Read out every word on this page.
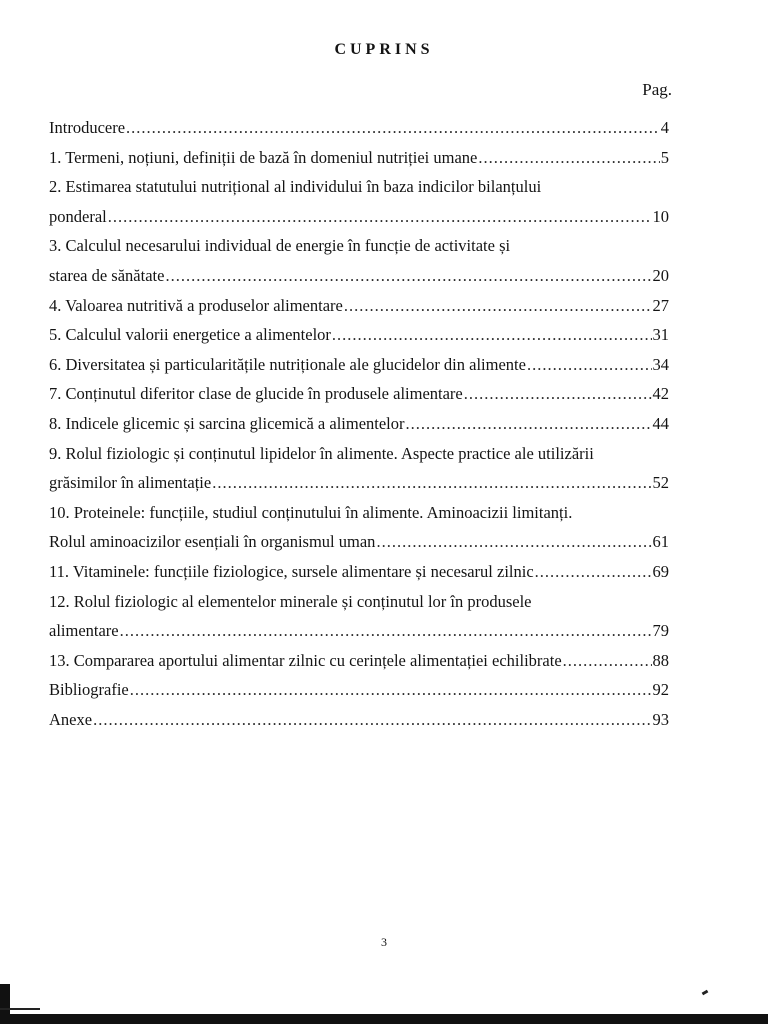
CUPRINS
Pag.
Introducere .....	4
1. Termeni, noțiuni, definiții de bază în domeniul nutriției umane .....	5
2. Estimarea statutului nutrițional al individului în baza indicilor bilanțului
ponderal .....	10
3. Calculul necesarului individual de energie în funcție de activitate și
starea de sănătate .....	20
4. Valoarea nutritivă a produselor alimentare .....	27
5. Calculul valorii energetice a alimentelor .....	31
6. Diversitatea și particularitățile nutriționale ale glucidelor din alimente .....	34
7. Conținutul diferitor clase de glucide în produsele alimentare .....	42
8. Indicele glicemic și sarcina glicemică a alimentelor .....	44
9. Rolul fiziologic și conținutul lipidelor în alimente. Aspecte practice ale utilizării
grăsimilor în alimentație .....	52
10. Proteinele: funcțiile, studiul conținutului în alimente. Aminoacizii limitanți.
Rolul aminoacizilor esențiali în organismul uman .....	61
11. Vitaminele: funcțiile fiziologice, sursele alimentare și necesarul zilnic .....	69
12. Rolul fiziologic al elementelor minerale și conținutul lor în produsele
alimentare .....	79
13. Compararea aportului alimentar zilnic cu cerințele alimentației echilibrate .....	88
Bibliografie .....	92
Anexe .....	93
3
